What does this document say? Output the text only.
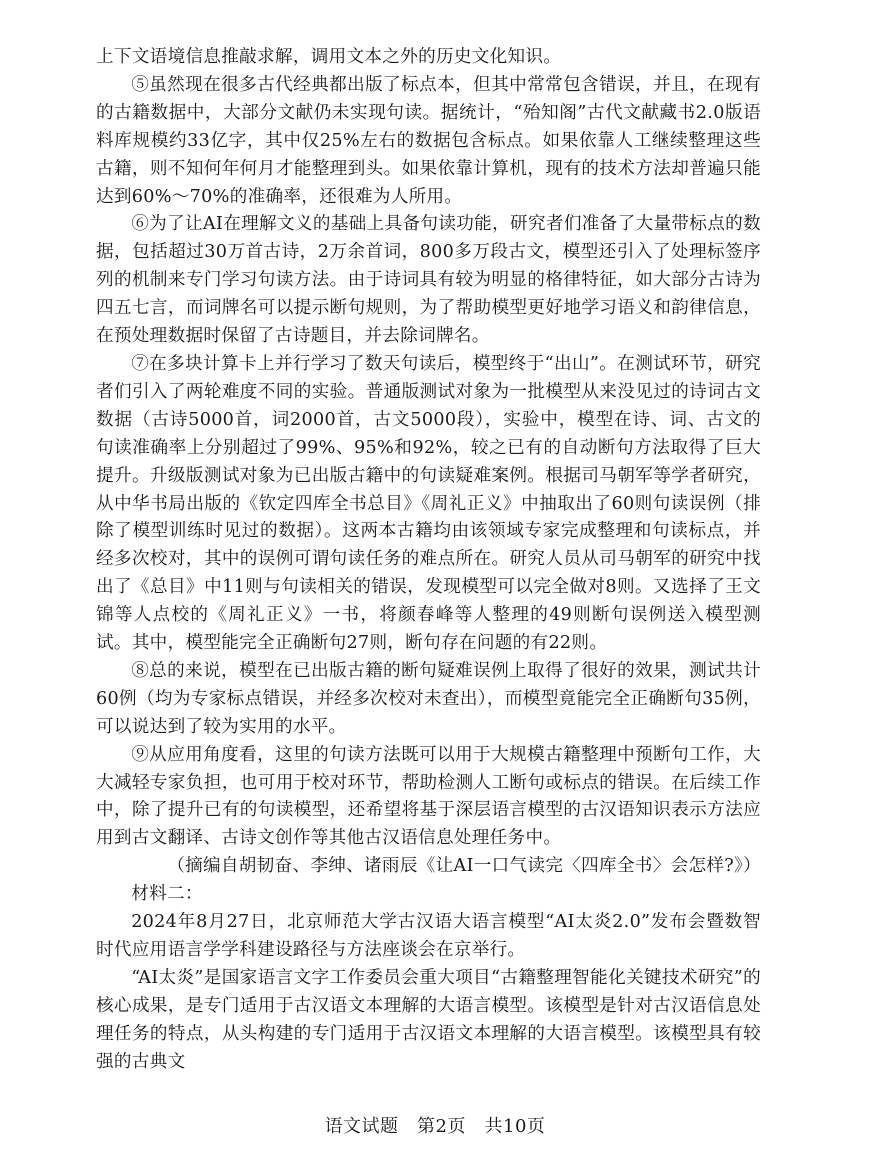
上下文语境信息推敲求解，调用文本之外的历史文化知识。

⑤虽然现在很多古代经典都出版了标点本，但其中常常包含错误，并且，在现有的古籍数据中，大部分文献仍未实现句读。据统计，“殆知阁”古代文献藏书2.0版语料库规模约33亿字，其中仅25%左右的数据包含标点。如果依靠人工继续整理这些古籍，则不知何年何月才能整理到头。如果依靠计算机，现有的技术方法却普遍只能达到60%～70%的准确率，还很难为人所用。

⑥为了让AI在理解文义的基础上具备句读功能，研究者们准备了大量带标点的数据，包括超过30万首古诗，2万余首词，800多万段古文，模型还引入了处理标签序列的机制来专门学习句读方法。由于诗词具有较为明显的格律特征，如大部分古诗为四五七言，而词牌名可以提示断句规则，为了帮助模型更好地学习语义和韵律信息，在预处理数据时保留了古诗题目，并去除词牌名。

⑦在多块计算卡上并行学习了数天句读后，模型终于“出山”。在测试环节，研究者们引入了两轮难度不同的实验。普通版测试对象为一批模型从来没见过的诗词古文数据（古诗5000首，词2000首，古文5000段），实验中，模型在诗、词、古文的句读准确率上分别超过了99%、95%和92%，较之已有的自动断句方法取得了巨大提升。升级版测试对象为已出版古籍中的句读疑难案例。根据司马朝军等学者研究，从中华书局出版的《钦定四库全书总目》《周礼正义》中抽取出了60则句读误例（排除了模型训练时见过的数据）。这两本古籍均由该领域专家完成整理和句读标点，并经多次校对，其中的误例可谓句读任务的难点所在。研究人员从司马朝军的研究中找出了《总目》中11则与句读相关的错误，发现模型可以完全做对8则。又选择了王文锦等人点校的《周礼正义》一书，将颜春峰等人整理的49则断句误例送入模型测试。其中，模型能完全正确断句27则，断句存在问题的有22则。

⑧总的来说，模型在已出版古籍的断句疑难误例上取得了很好的效果，测试共计60例（均为专家标点错误，并经多次校对未查出），而模型竟能完全正确断句35例，可以说达到了较为实用的水平。

⑨从应用角度看，这里的句读方法既可以用于大规模古籍整理中预断句工作，大大减轻专家负担，也可用于校对环节，帮助检测人工断句或标点的错误。在后续工作中，除了提升已有的句读模型，还希望将基于深层语言模型的古汉语知识表示方法应用到古文翻译、古诗文创作等其他古汉语信息处理任务中。

（摘编自胡韧奋、李绅、诸雨辰《让AI一口气读完〈四库全书〉会怎样?》）

材料二：

2024年8月27日，北京师范大学古汉语大语言模型“AI太炎2.0”发布会暨数智时代应用语言学学科建设路径与方法座谈会在京举行。

“AI太炎”是国家语言文字工作委员会重大项目“古籍整理智能化关键技术研究”的核心成果，是专门适用于古汉语文本理解的大语言模型。该模型是针对古汉语信息处理任务的特点，从头构建的专门适用于古汉语文本理解的大语言模型。该模型具有较强的古典文

语文试题　第2页　共10页
